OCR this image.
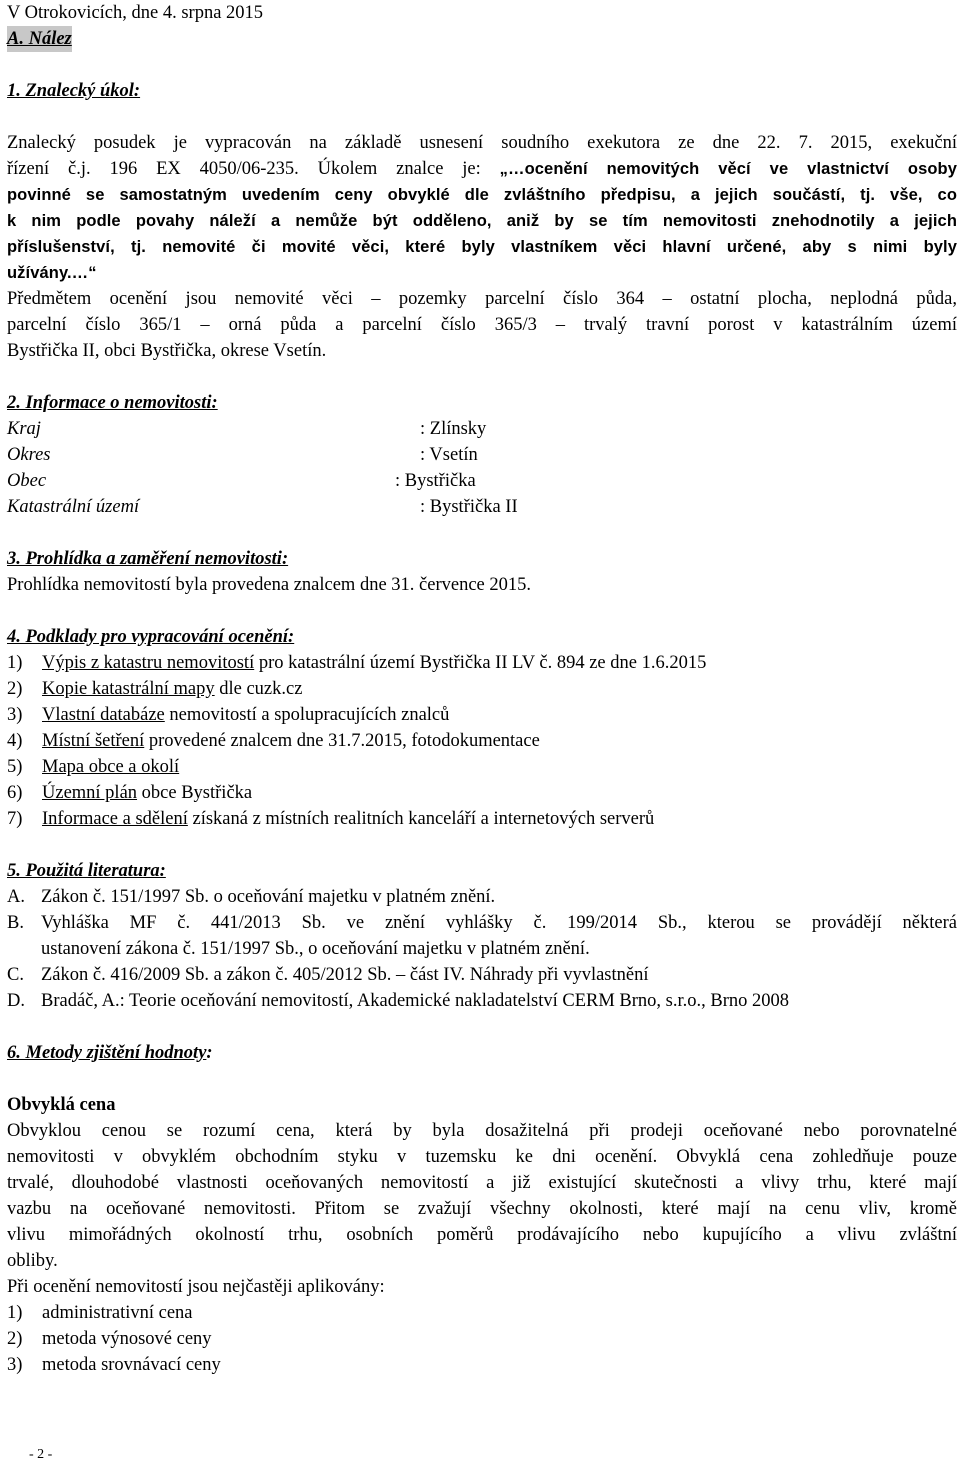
V Otrokovicích, dne 4. srpna 2015
A. Nález
1. Znalecký úkol:
Znalecký posudek je vypracován na základě usnesení soudního exekutora ze dne 22. 7. 2015, exekuční
řízení č.j. 196 EX 4050/06-235. Úkolem znalce je: „…ocenění nemovitých věcí ve vlastnictví osoby
povinné se samostatným uvedením ceny obvyklé dle zvláštního předpisu, a jejich součástí, tj. vše, co
k nim podle povahy náleží a nemůže být odděleno, aniž by se tím nemovitosti znehodnotily a jejich
příslušenství, tj. nemovité či movité věci, které byly vlastníkem věci hlavní určené, aby s nimi byly
užívány.…“
Předmětem ocenění jsou nemovité věci – pozemky parcelní číslo 364 – ostatní plocha, neplodná půda,
parcelní číslo 365/1 – orná půda a parcelní číslo 365/3 – trvalý travní porost v katastrálním území
Bystřička II, obci Bystřička, okrese Vsetín.
2. Informace o nemovitosti:
Kraj	: Zlínsky
Okres	: Vsetín
Obec	: Bystřička
Katastrální území	: Bystřička II
3. Prohlídka a zaměření nemovitosti:
Prohlídka nemovitostí byla provedena znalcem dne 31. července 2015.
4. Podklady pro vypracování ocenění:
1)	Výpis z katastru nemovitostí pro katastrální území Bystřička II LV č. 894 ze dne 1.6.2015
2)	Kopie katastrální mapy dle cuzk.cz
3)	Vlastní databáze nemovitostí a spolupracujících znalců
4)	Místní šetření provedené znalcem dne 31.7.2015, fotodokumentace
5)	Mapa obce a okolí
6)	Územní plán obce Bystřička
7)	Informace a sdělení získaná z místních realitních kanceláří a internetových serverů
5. Použitá literatura:
A. Zákon č. 151/1997 Sb. o oceňování majetku v platném znění.
B. Vyhláška MF č. 441/2013 Sb. ve znění vyhlášky č. 199/2014 Sb., kterou se provádějí některá
ustanovení zákona č. 151/1997 Sb., o oceňování majetku v platném znění.
C. Zákon č. 416/2009 Sb. a zákon č. 405/2012 Sb. – část IV. Náhrady při vyvlastnění
D. Bradáč, A.: Teorie oceňování nemovitostí, Akademické nakladatelství CERM Brno, s.r.o., Brno 2008
6. Metody zjištění hodnoty:
Obvyklá cena
Obvyklou cenou se rozumí cena, která by byla dosažitelná při prodeji oceňované nebo porovnatelné
nemovitosti v obvyklém obchodním styku v tuzemsku ke dni ocenění. Obvyklá cena zohledňuje pouze
trvalé, dlouhodobé vlastnosti oceňovaných nemovitostí a již existující skutečnosti a vlivy trhu, které mají
vazbu na oceňované nemovitosti. Přitom se zvažují všechny okolnosti, které mají na cenu vliv, kromě
vlivu mimořádných okolností trhu, osobních poměrů prodávajícího nebo kupujícího a vlivu zvláštní
obliby.
Při ocenění nemovitostí jsou nejčastěji aplikovány:
1)	administrativní cena
2)	metoda výnosové ceny
3)	metoda srovnávací ceny
- 2 -
